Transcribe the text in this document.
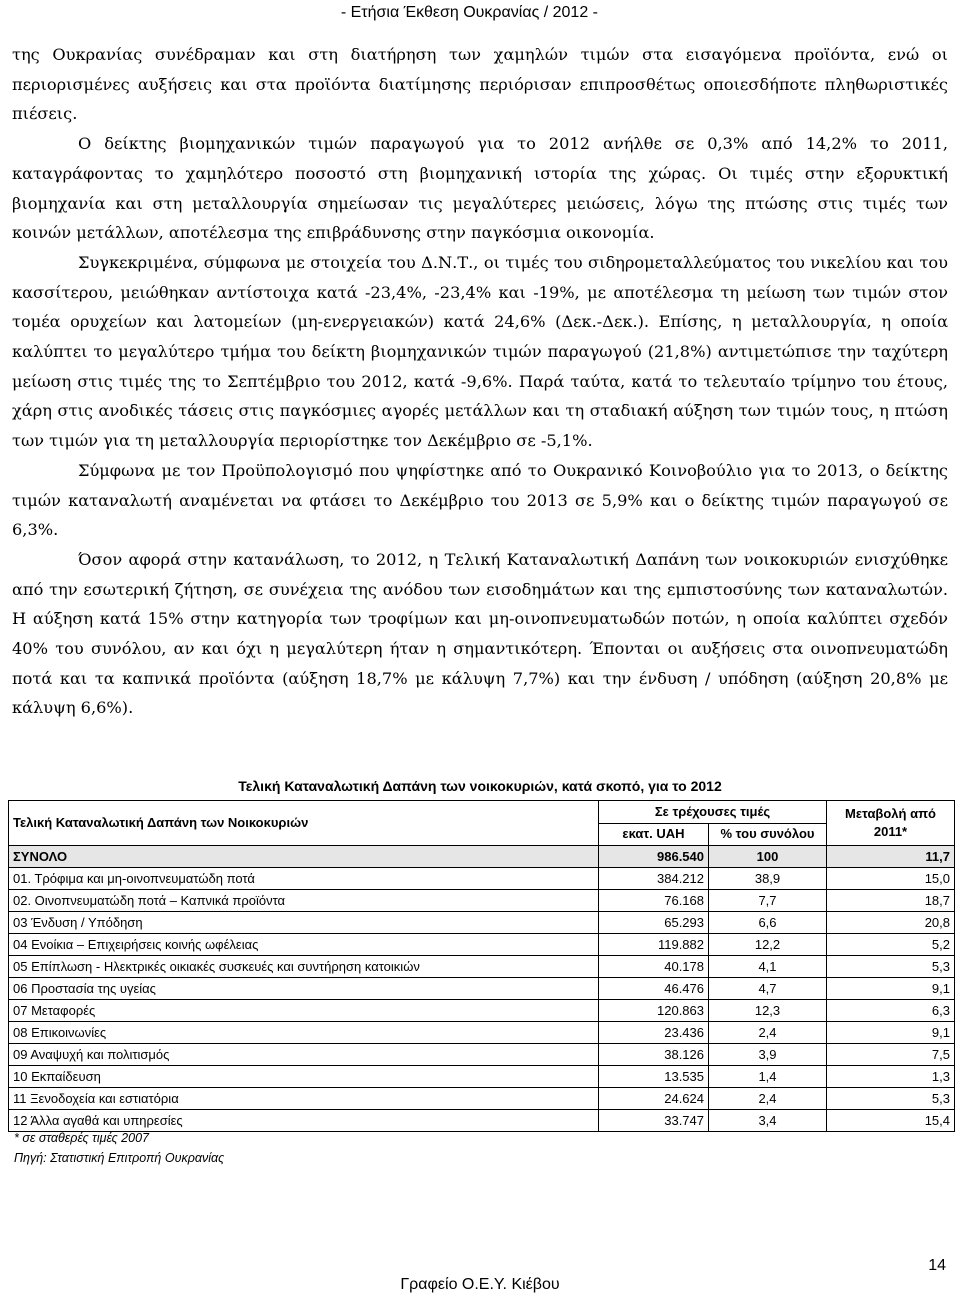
- Ετήσια Έκθεση Ουκρανίας / 2012 -

της Ουκρανίας συνέδραμαν και στη διατήρηση των χαμηλών τιμών στα εισαγόμενα προϊόντα, ενώ οι περιορισμένες αυξήσεις και στα προϊόντα διατίμησης περιόρισαν επιπροσθέτως οποιεσδήποτε πληθωριστικές πιέσεις.

Ο δείκτης βιομηχανικών τιμών παραγωγού για το 2012 ανήλθε σε 0,3% από 14,2% το 2011, καταγράφοντας το χαμηλότερο ποσοστό στη βιομηχανική ιστορία της χώρας. Οι τιμές στην εξορυκτική βιομηχανία και στη μεταλλουργία σημείωσαν τις μεγαλύτερες μειώσεις, λόγω της πτώσης στις τιμές των κοινών μετάλλων, αποτέλεσμα της επιβράδυνσης στην παγκόσμια οικονομία.

Συγκεκριμένα, σύμφωνα με στοιχεία του Δ.Ν.Τ., οι τιμές του σιδηρομεταλλεύματος του νικελίου και του κασσίτερου, μειώθηκαν αντίστοιχα κατά -23,4%, -23,4% και -19%, με αποτέλεσμα τη μείωση των τιμών στον τομέα ορυχείων και λατομείων (μη-ενεργειακών) κατά 24,6% (Δεκ.-Δεκ.). Επίσης, η μεταλλουργία, η οποία καλύπτει το μεγαλύτερο τμήμα του δείκτη βιομηχανικών τιμών παραγωγού (21,8%) αντιμετώπισε την ταχύτερη μείωση στις τιμές της το Σεπτέμβριο του 2012, κατά -9,6%. Παρά ταύτα, κατά το τελευταίο τρίμηνο του έτους, χάρη στις ανοδικές τάσεις στις παγκόσμιες αγορές μετάλλων και τη σταδιακή αύξηση των τιμών τους, η πτώση των τιμών για τη μεταλλουργία περιορίστηκε τον Δεκέμβριο σε -5,1%.

Σύμφωνα με τον Προϋπολογισμό που ψηφίστηκε από το Ουκρανικό Κοινοβούλιο για το 2013, ο δείκτης τιμών καταναλωτή αναμένεται να φτάσει το Δεκέμβριο του 2013 σε 5,9% και ο δείκτης τιμών παραγωγού σε 6,3%.

Όσον αφορά στην κατανάλωση, το 2012, η Τελική Καταναλωτική Δαπάνη των νοικοκυριών ενισχύθηκε από την εσωτερική ζήτηση, σε συνέχεια της ανόδου των εισοδημάτων και της εμπιστοσύνης των καταναλωτών. Η αύξηση κατά 15% στην κατηγορία των τροφίμων και μη-οινοπνευματωδών ποτών, η οποία καλύπτει σχεδόν 40% του συνόλου, αν και όχι η μεγαλύτερη ήταν η σημαντικότερη. Έπονται οι αυξήσεις στα οινοπνευματώδη ποτά και τα καπνικά προϊόντα (αύξηση 18,7% με κάλυψη 7,7%) και την ένδυση / υπόδηση (αύξηση 20,8% με κάλυψη 6,6%).

Τελική Καταναλωτική Δαπάνη των νοικοκυριών, κατά σκοπό, για το 2012
Τελική Καταναλωτική Δαπάνη των Νοικοκυριών	Σε τρέχουσες τιμές		Μεταβολή από 2011*
	εκατ. UAH	% του συνόλου	
ΣΥΝΟΛΟ	986.540	100	11,7
01. Τρόφιμα και μη-οινοπνευματώδη ποτά	384.212	38,9	15,0
02. Οινοπνευματώδη ποτά – Καπνικά προϊόντα	76.168	7,7	18,7
03 Ένδυση / Υπόδηση	65.293	6,6	20,8
04 Ενοίκια – Επιχειρήσεις κοινής ωφέλειας	119.882	12,2	5,2
05 Επίπλωση - Ηλεκτρικές οικιακές συσκευές και συντήρηση κατοικιών	40.178	4,1	5,3
06 Προστασία της υγείας	46.476	4,7	9,1
07 Μεταφορές	120.863	12,3	6,3
08 Επικοινωνίες	23.436	2,4	9,1
09 Αναψυχή και πολιτισμός	38.126	3,9	7,5
10 Εκπαίδευση	13.535	1,4	1,3
11 Ξενοδοχεία και εστιατόρια	24.624	2,4	5,3
12 Άλλα αγαθά και υπηρεσίες	33.747	3,4	15,4
* σε σταθερές τιμές 2007
Πηγή: Στατιστική Επιτροπή Ουκρανίας
14
Γραφείο Ο.Ε.Υ. Κιέβου
